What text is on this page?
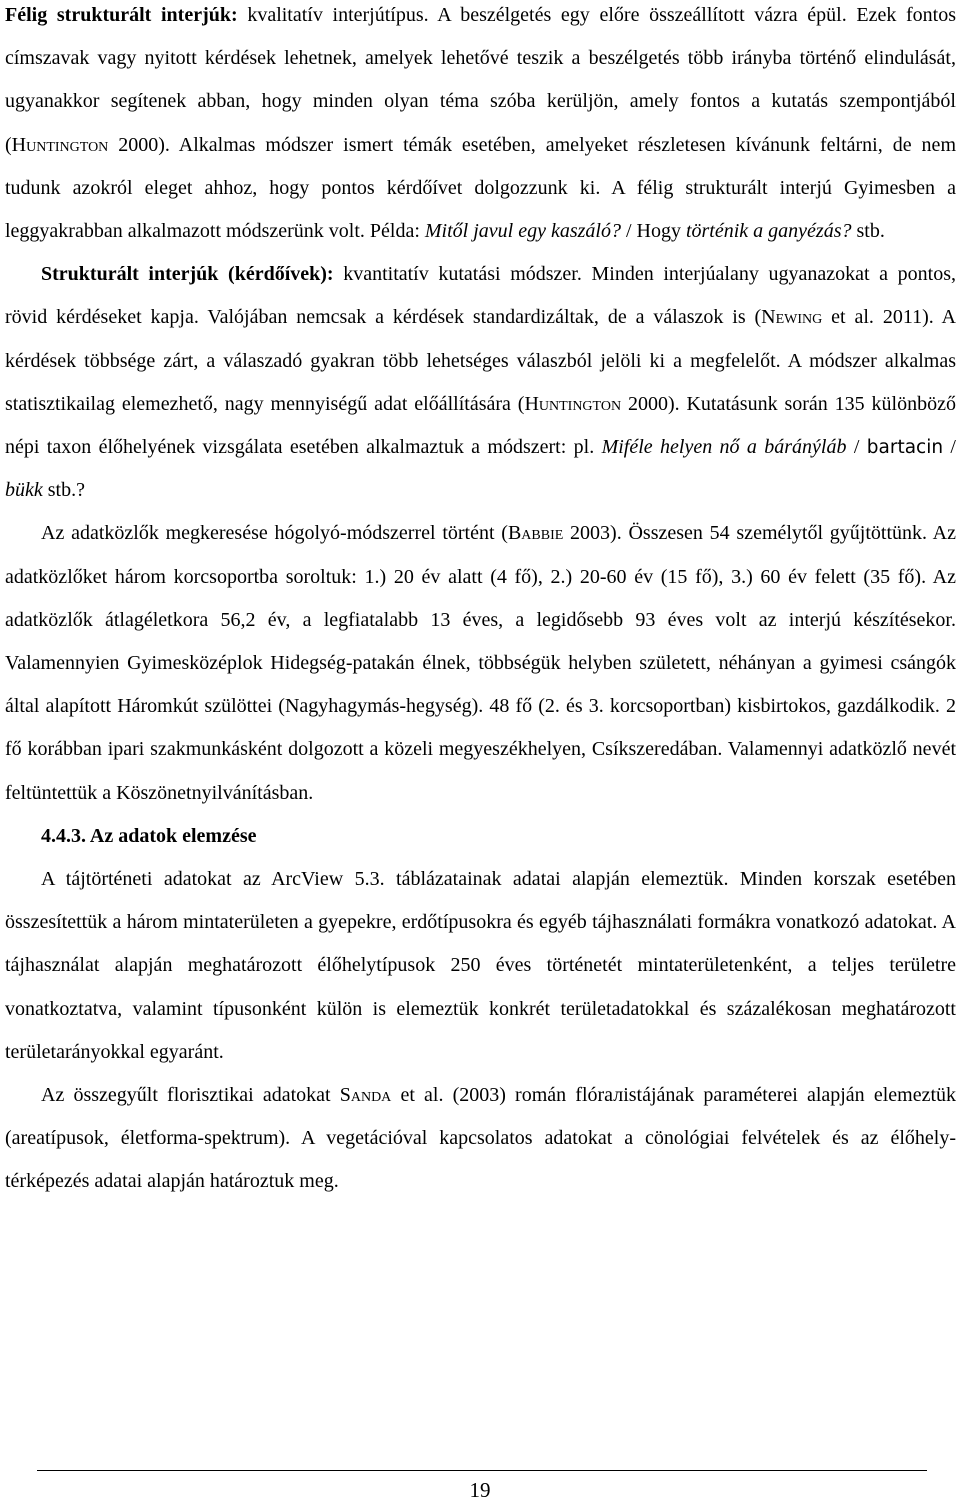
Félig strukturált interjúk: kvalitatív interjútípus. A beszélgetés egy előre összeállított vázra épül. Ezek fontos címszavak vagy nyitott kérdések lehetnek, amelyek lehetővé teszik a beszélgetés több irányba történő elindulását, ugyanakkor segítenek abban, hogy minden olyan téma szóba kerüljön, amely fontos a kutatás szempontjából (Huntington 2000). Alkalmas módszer ismert témák esetében, amelyeket részletesen kívánunk feltárni, de nem tudunk azokról eleget ahhoz, hogy pontos kérdőívet dolgozzunk ki. A félig strukturált interjú Gyimesben a leggyakrabban alkalmazott módszerünk volt. Példa: Mitől javul egy kaszáló? / Hogy történik a ganyézás? stb.

Strukturált interjúk (kérdőívek): kvantitatív kutatási módszer. Minden interjúalany ugyanazokat a pontos, rövid kérdéseket kapja. Valójában nemcsak a kérdések standardizáltak, de a válaszok is (Newing et al. 2011). A kérdések többsége zárt, a válaszadó gyakran több lehetséges válaszból jelöli ki a megfelelőt. A módszer alkalmas statisztikailag elemezhető, nagy mennyiségű adat előállítására (Huntington 2000). Kutatásunk során 135 különböző népi taxon élőhelyének vizsgálata esetében alkalmaztuk a módszert: pl. Miféle helyen nő a báránýláb / bartacin / bükk stb.?

Az adatközlők megkeresése hógolyó-módszerrel történt (Babbie 2003). Összesen 54 személytől gyűjtöttünk. Az adatközlőket három korcsoportba soroltuk: 1.) 20 év alatt (4 fő), 2.) 20-60 év (15 fő), 3.) 60 év felett (35 fő). Az adatközlők átlagéletkora 56,2 év, a legfiatalabb 13 éves, a legidősebb 93 éves volt az interjú készítésekor. Valamennyien Gyimesközéplok Hidegség-patakán élnek, többségük helyben született, néhányan a gyimesi csángók által alapított Háromkút szülöttei (Nagyhagymás-hegység). 48 fő (2. és 3. korcsoportban) kisbirtokos, gazdálkodik. 2 fő korábban ipari szakmunkásként dolgozott a közeli megyeszékhelyen, Csíkszeredában. Valamennyi adatközlő nevét feltüntettük a Köszönetnyilvánításban.

4.4.3. Az adatok elemzése

A tájtörténeti adatokat az ArcView 5.3. táblázatainak adatai alapján elemeztük. Minden korszak esetében összesítettük a három mintaterületen a gyepekre, erdőtípusokra és egyéb tájhasználati formákra vonatkozó adatokat. A tájhasználat alapján meghatározott élőhelytípusok 250 éves történetét mintaterületenként, a teljes területre vonatkoztatva, valamint típusonként külön is elemeztük konkrét területadatokkal és százalékosan meghatározott területarányokkal egyaránt.

Az összegyűlt florisztikai adatokat Sanda et al. (2003) román flórалistájának paraméterei alapján elemeztük (areatípusok, életforma-spektrum). A vegetációval kapcsolatos adatokat a cönológiai felvételek és az élőhely-térképezés adatai alapján határoztuk meg.

19
